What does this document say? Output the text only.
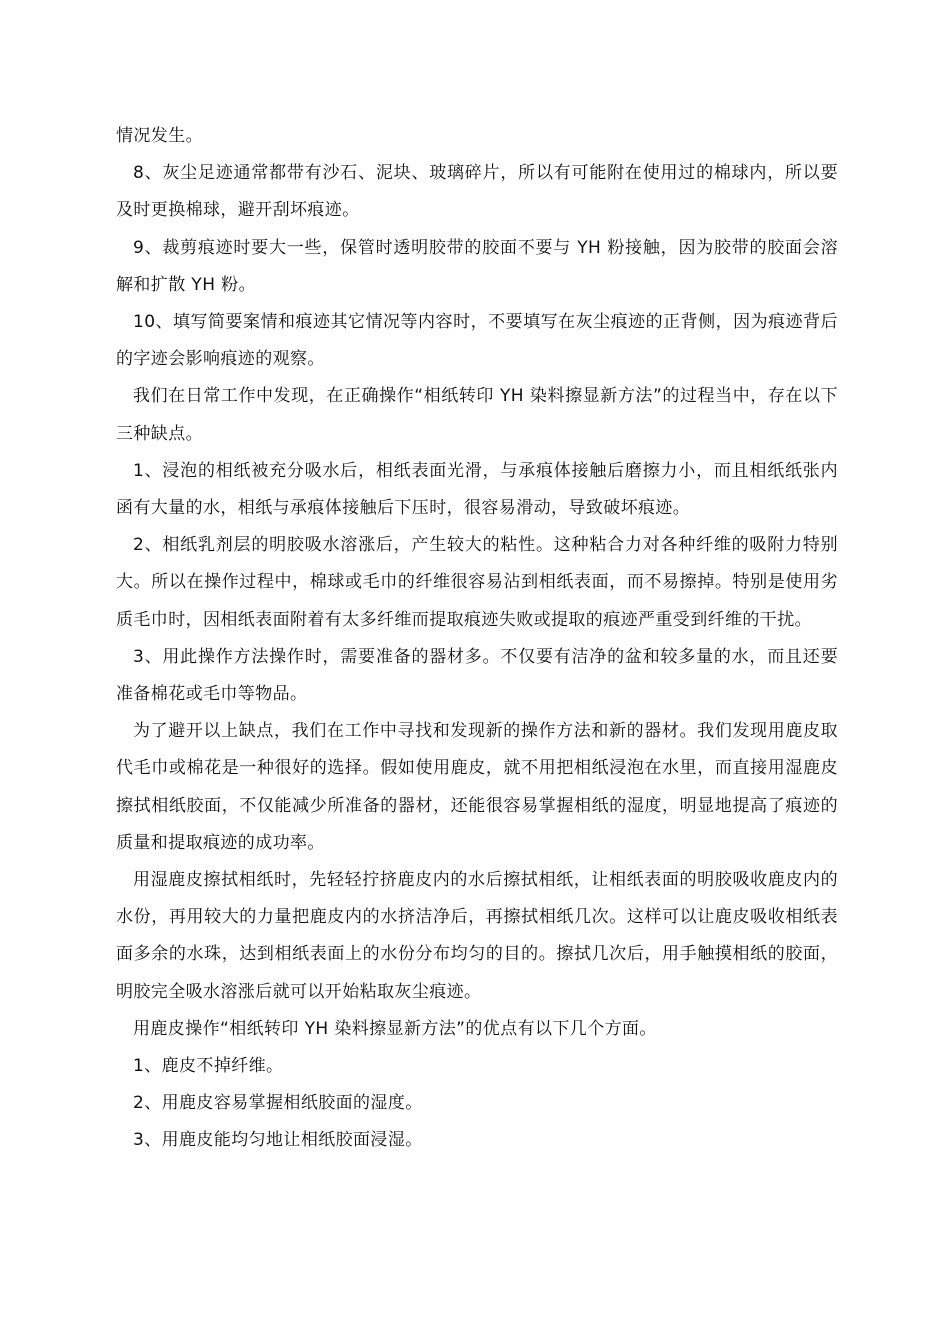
情况发生。

8、灰尘足迹通常都带有沙石、泥块、玻璃碎片，所以有可能附在使用过的棉球内，所以要及时更换棉球，避开刮坏痕迹。

9、裁剪痕迹时要大一些，保管时透明胶带的胶面不要与 YH 粉接触，因为胶带的胶面会溶解和扩散 YH 粉。

10、填写简要案情和痕迹其它情况等内容时，不要填写在灰尘痕迹的正背侧，因为痕迹背后的字迹会影响痕迹的观察。

我们在日常工作中发现，在正确操作“相纸转印 YH 染料擦显新方法”的过程当中，存在以下三种缺点。

1、浸泡的相纸被充分吸水后，相纸表面光滑，与承痕体接触后磨擦力小，而且相纸纸张内函有大量的水，相纸与承痕体接触后下压时，很容易滑动，导致破坏痕迹。

2、相纸乳剂层的明胶吸水溶涨后，产生较大的粘性。这种粘合力对各种纤维的吸附力特别大。所以在操作过程中，棉球或毛巾的纤维很容易沾到相纸表面，而不易擦掉。特别是使用劣质毛巾时，因相纸表面附着有太多纤维而提取痕迹失败或提取的痕迹严重受到纤维的干扰。

3、用此操作方法操作时，需要准备的器材多。不仅要有洁净的盆和较多量的水，而且还要准备棉花或毛巾等物品。

为了避开以上缺点，我们在工作中寻找和发现新的操作方法和新的器材。我们发现用鹿皮取代毛巾或棉花是一种很好的选择。假如使用鹿皮，就不用把相纸浸泡在水里，而直接用湿鹿皮擦拭相纸胶面，不仅能减少所准备的器材，还能很容易掌握相纸的湿度，明显地提高了痕迹的质量和提取痕迹的成功率。

用湿鹿皮擦拭相纸时，先轻轻拧挤鹿皮内的水后擦拭相纸，让相纸表面的明胶吸收鹿皮内的水份，再用较大的力量把鹿皮内的水挤洁净后，再擦拭相纸几次。这样可以让鹿皮吸收相纸表面多余的水珠，达到相纸表面上的水份分布均匀的目的。擦拭几次后，用手触摸相纸的胶面，明胶完全吸水溶涨后就可以开始粘取灰尘痕迹。

用鹿皮操作“相纸转印 YH 染料擦显新方法”的优点有以下几个方面。

1、鹿皮不掉纤维。

2、用鹿皮容易掌握相纸胶面的湿度。

3、用鹿皮能均匀地让相纸胶面浸湿。
